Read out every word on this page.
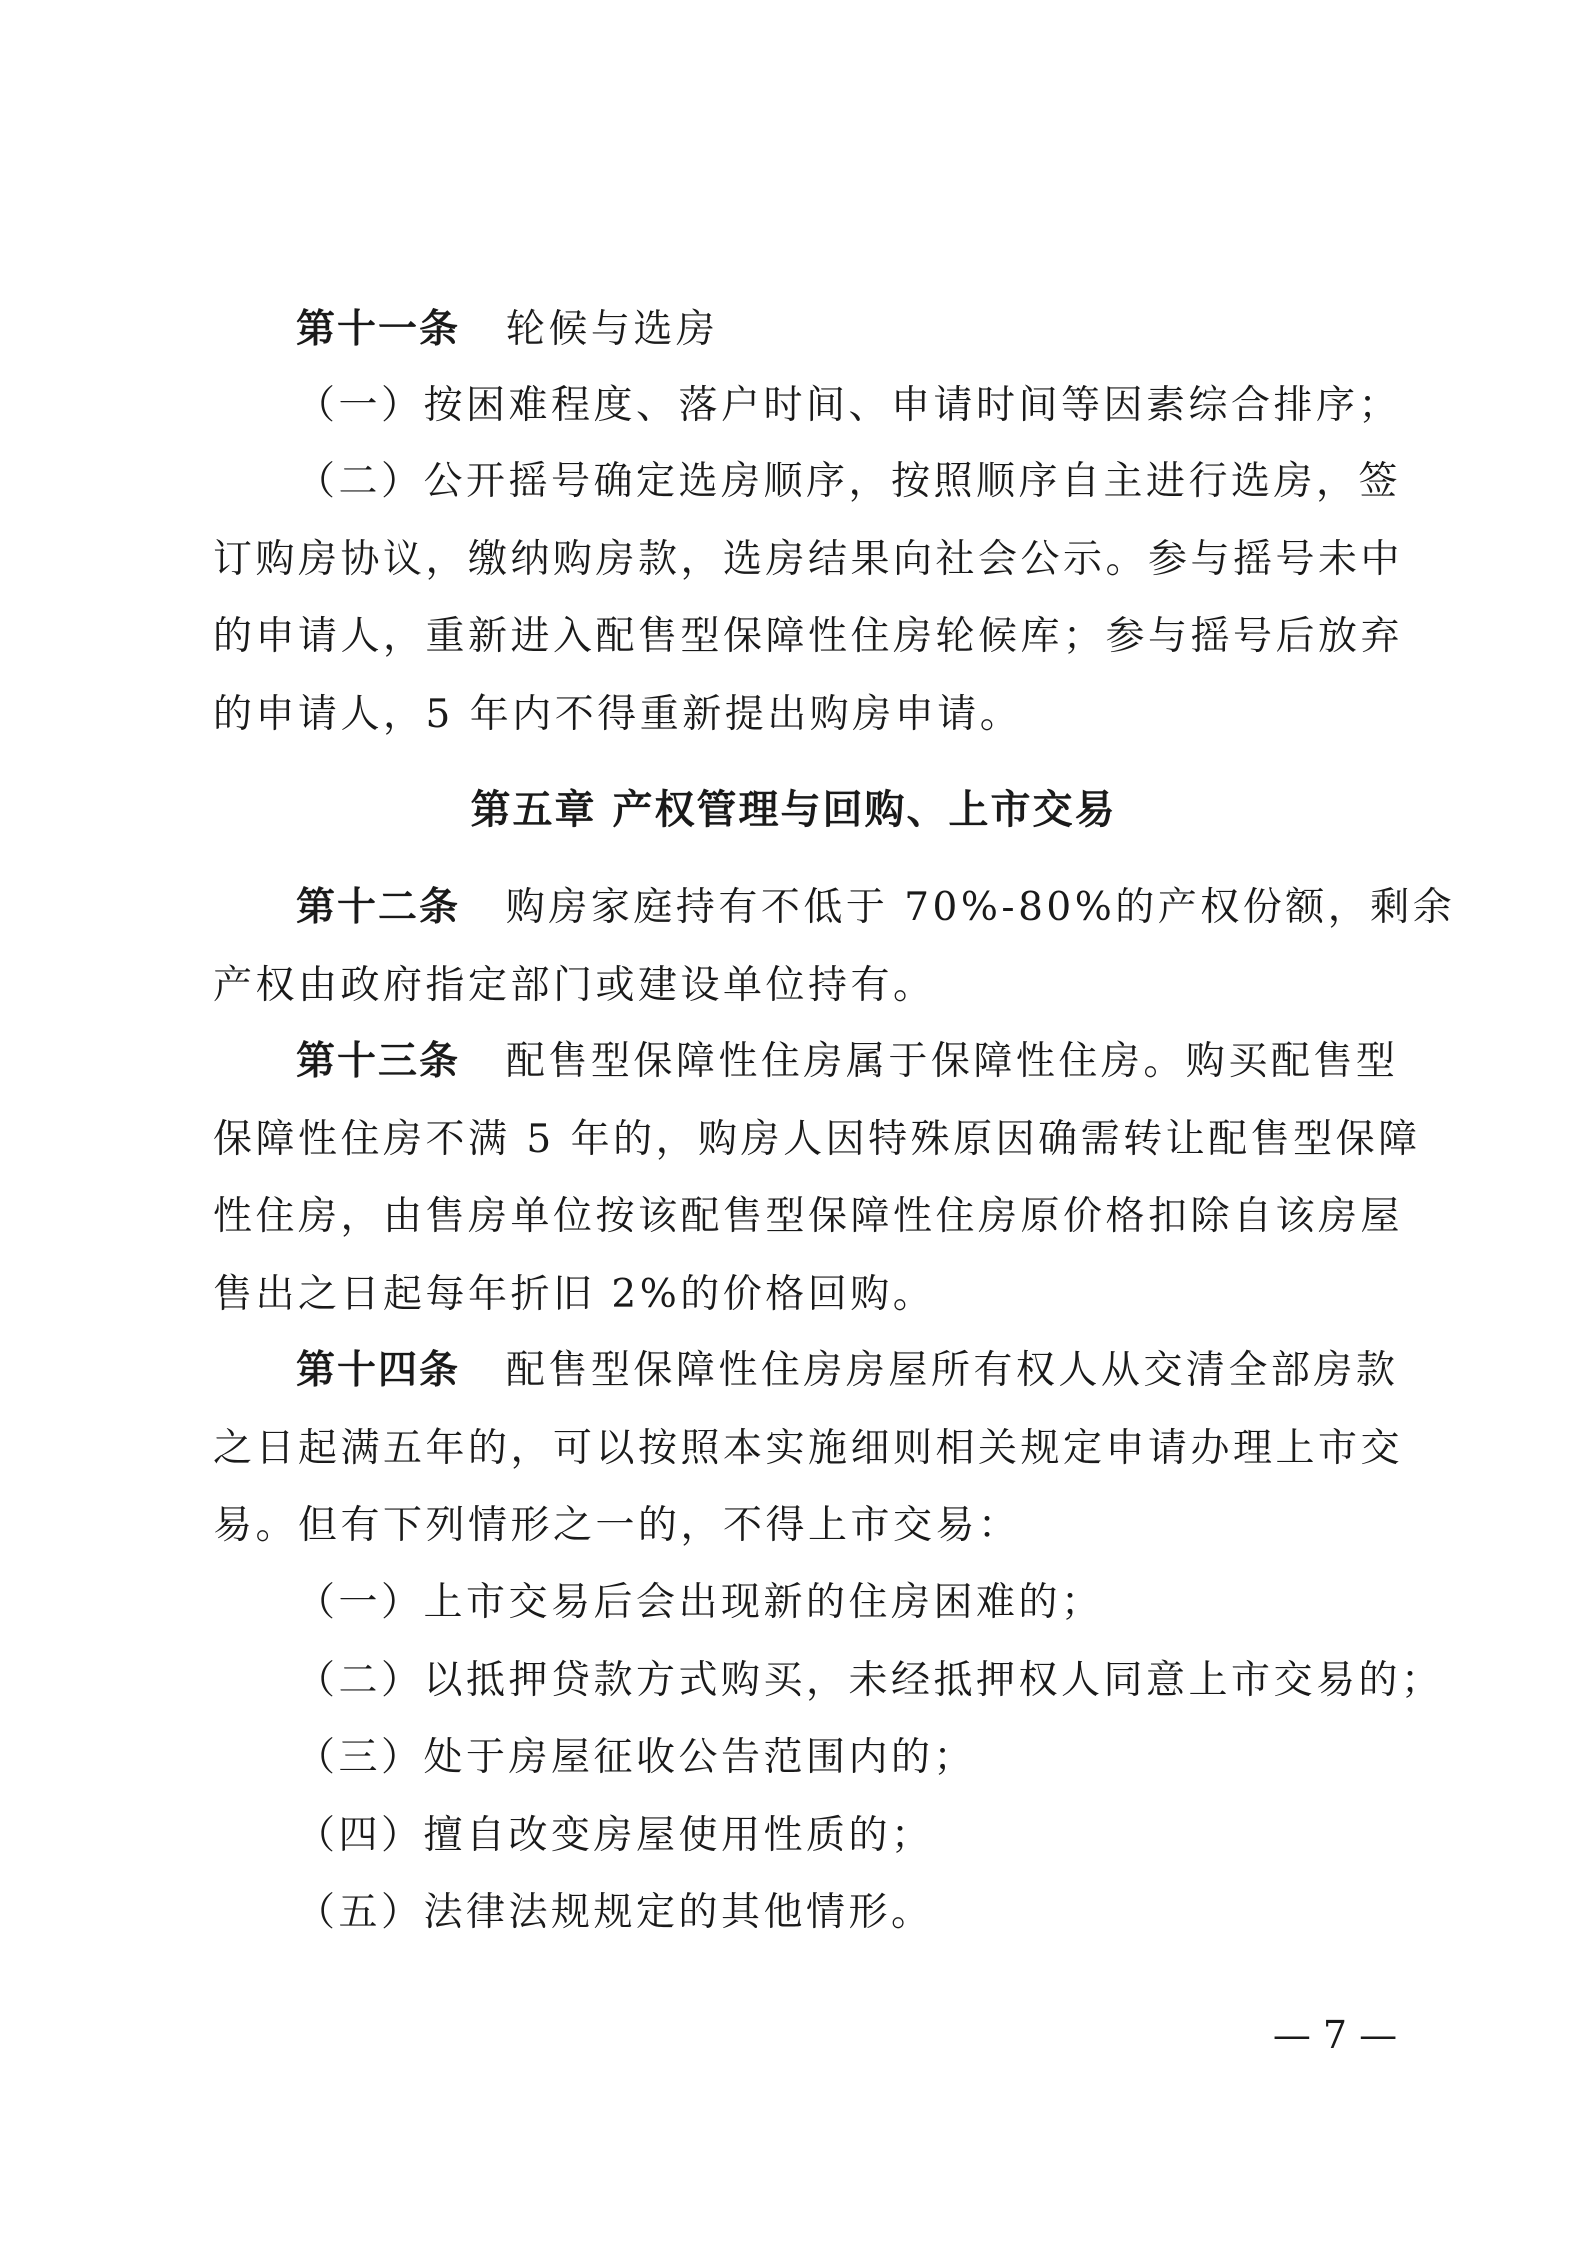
第十一条 轮候与选房
（一）按困难程度、落户时间、申请时间等因素综合排序；
（二）公开摇号确定选房顺序，按照顺序自主进行选房，签
订购房协议，缴纳购房款，选房结果向社会公示。参与摇号未中
的申请人，重新进入配售型保障性住房轮候库；参与摇号后放弃
的申请人，5 年内不得重新提出购房申请。
第五章 产权管理与回购、上市交易
第十二条 购房家庭持有不低于 70%-80%的产权份额，剩余
产权由政府指定部门或建设单位持有。
第十三条 配售型保障性住房属于保障性住房。购买配售型
保障性住房不满 5 年的，购房人因特殊原因确需转让配售型保障
性住房，由售房单位按该配售型保障性住房原价格扣除自该房屋
售出之日起每年折旧 2%的价格回购。
第十四条 配售型保障性住房房屋所有权人从交清全部房款
之日起满五年的，可以按照本实施细则相关规定申请办理上市交
易。但有下列情形之一的，不得上市交易：
（一）上市交易后会出现新的住房困难的；
（二）以抵押贷款方式购买，未经抵押权人同意上市交易的；
（三）处于房屋征收公告范围内的；
（四）擅自改变房屋使用性质的；
（五）法律法规规定的其他情形。
— 7 —
